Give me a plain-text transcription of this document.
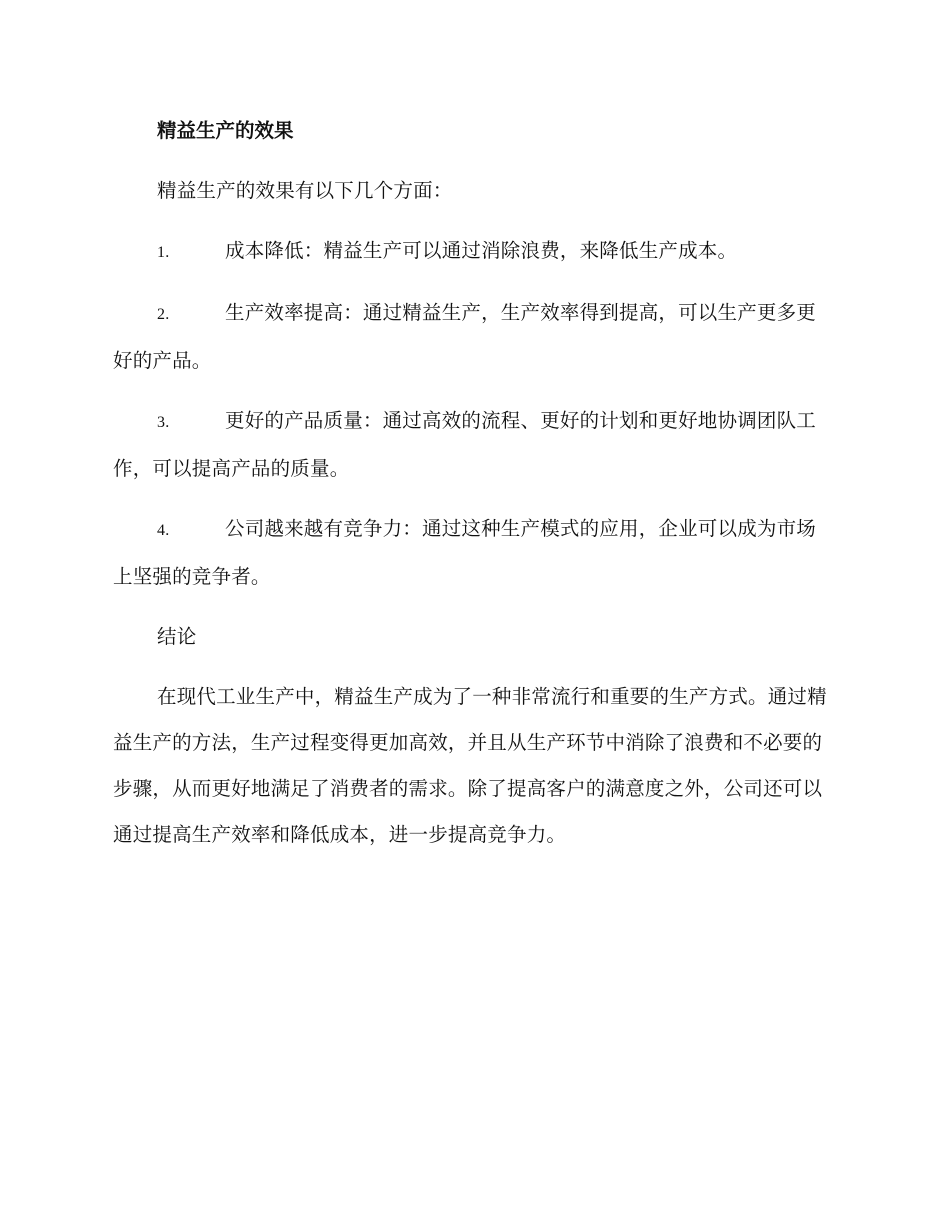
精益生产的效果

精益生产的效果有以下几个方面：

1.	成本降低：精益生产可以通过消除浪费，来降低生产成本。

2.	生产效率提高：通过精益生产，生产效率得到提高，可以生产更多更好的产品。

3.	更好的产品质量：通过高效的流程、更好的计划和更好地协调团队工作，可以提高产品的质量。

4.	公司越来越有竞争力：通过这种生产模式的应用，企业可以成为市场上坚强的竞争者。

结论

在现代工业生产中，精益生产成为了一种非常流行和重要的生产方式。通过精益生产的方法，生产过程变得更加高效，并且从生产环节中消除了浪费和不必要的步骤，从而更好地满足了消费者的需求。除了提高客户的满意度之外，公司还可以通过提高生产效率和降低成本，进一步提高竞争力。
